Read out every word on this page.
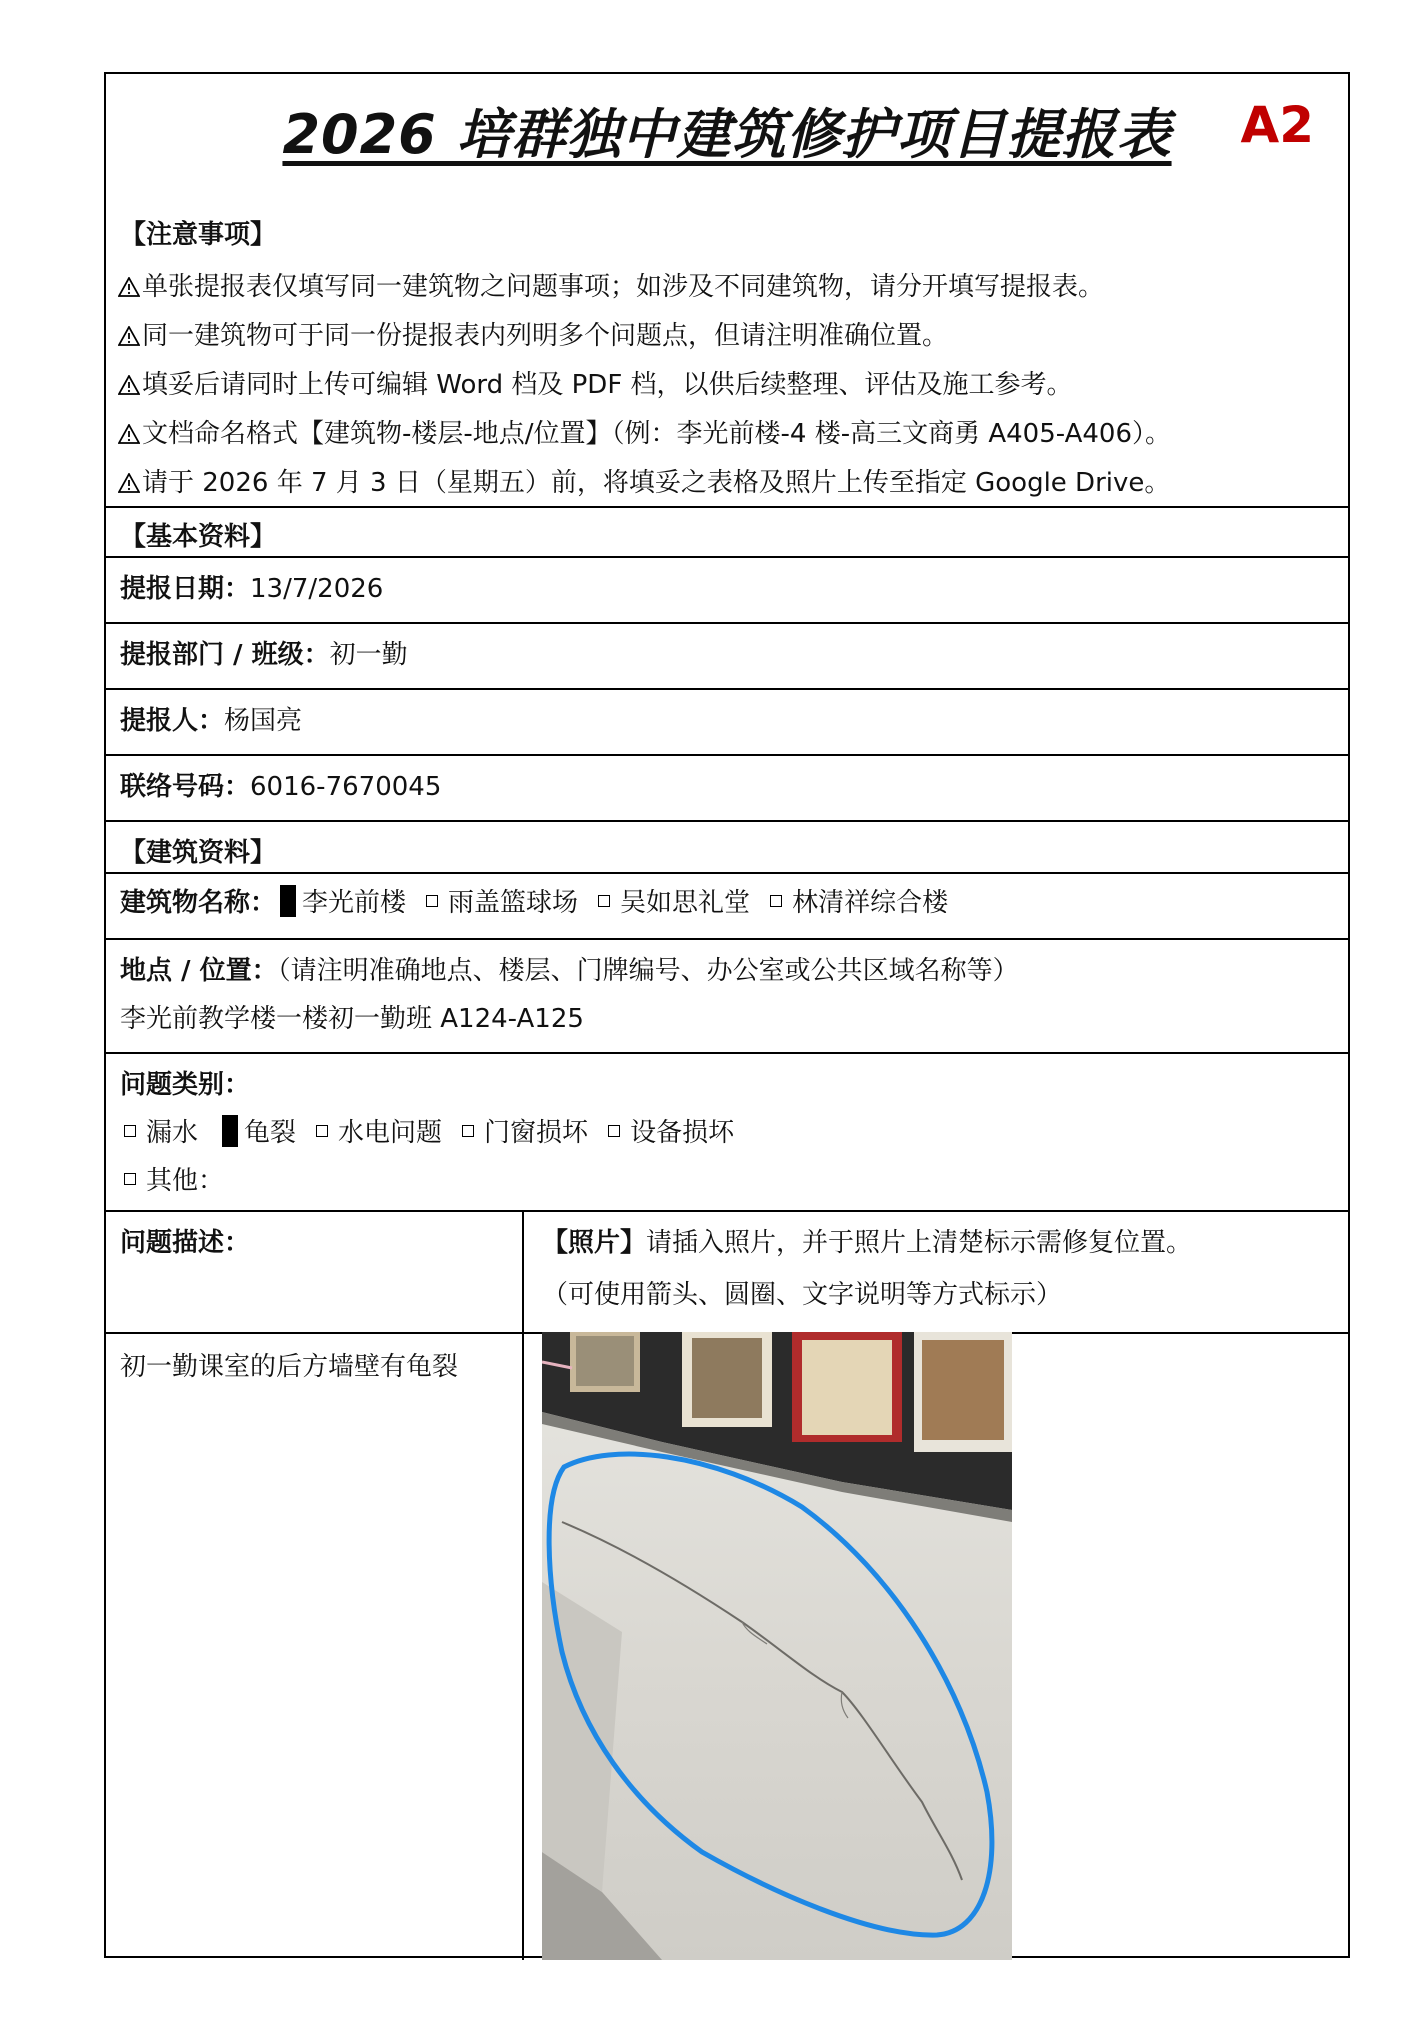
2026 培群独中建筑修护项目提报表	A2
【注意事项】
单张提报表仅填写同一建筑物之问题事项；如涉及不同建筑物，请分开填写提报表。
同一建筑物可于同一份提报表内列明多个问题点，但请注明准确位置。
填妥后请同时上传可编辑 Word 档及 PDF 档，以供后续整理、评估及施工参考。
文档命名格式【建筑物-楼层-地点/位置】（例：李光前楼-4 楼-高三文商勇 A405-A406）。
请于 2026 年 7 月 3 日（星期五）前，将填妥之表格及照片上传至指定 Google Drive。
【基本资料】
提报日期：13/7/2026
提报部门 / 班级：初一勤
提报人：杨国亮
联络号码：6016-7670045
【建筑资料】
建筑物名称： 李光前楼 雨盖篮球场 吴如思礼堂 林清祥综合楼
地点 / 位置：（请注明准确地点、楼层、门牌编号、办公室或公共区域名称等）
李光前教学楼一楼初一勤班 A124-A125
问题类别：
漏水 龟裂 水电问题 门窗损坏 设备损坏
其他：
问题描述：	【照片】请插入照片，并于照片上清楚标示需修复位置。
（可使用箭头、圆圈、文字说明等方式标示）
初一勤课室的后方墙壁有龟裂
